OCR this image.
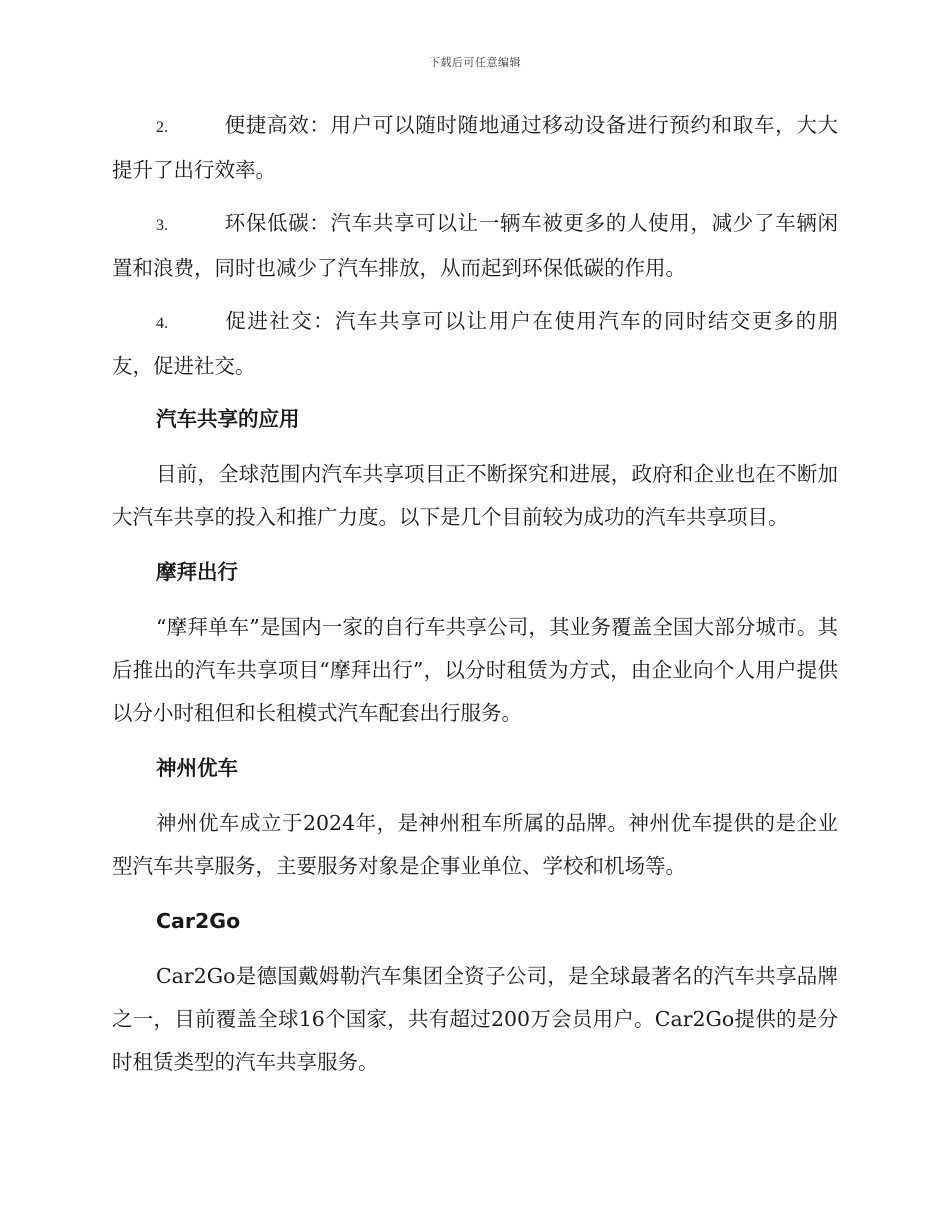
下载后可任意编辑

2.	便捷高效：用户可以随时随地通过移动设备进行预约和取车，大大提升了出行效率。

3.	环保低碳：汽车共享可以让一辆车被更多的人使用，减少了车辆闲置和浪费，同时也减少了汽车排放，从而起到环保低碳的作用。

4.	促进社交：汽车共享可以让用户在使用汽车的同时结交更多的朋友，促进社交。

汽车共享的应用

目前，全球范围内汽车共享项目正不断探究和进展，政府和企业也在不断加大汽车共享的投入和推广力度。以下是几个目前较为成功的汽车共享项目。

摩拜出行

“摩拜单车”是国内一家的自行车共享公司，其业务覆盖全国大部分城市。其后推出的汽车共享项目“摩拜出行”，以分时租赁为方式，由企业向个人用户提供以分小时租但和长租模式汽车配套出行服务。

神州优车

神州优车成立于2024年，是神州租车所属的品牌。神州优车提供的是企业型汽车共享服务，主要服务对象是企事业单位、学校和机场等。

Car2Go

Car2Go是德国戴姆勒汽车集团全资子公司，是全球最著名的汽车共享品牌之一，目前覆盖全球16个国家，共有超过200万会员用户。Car2Go提供的是分时租赁类型的汽车共享服务。
